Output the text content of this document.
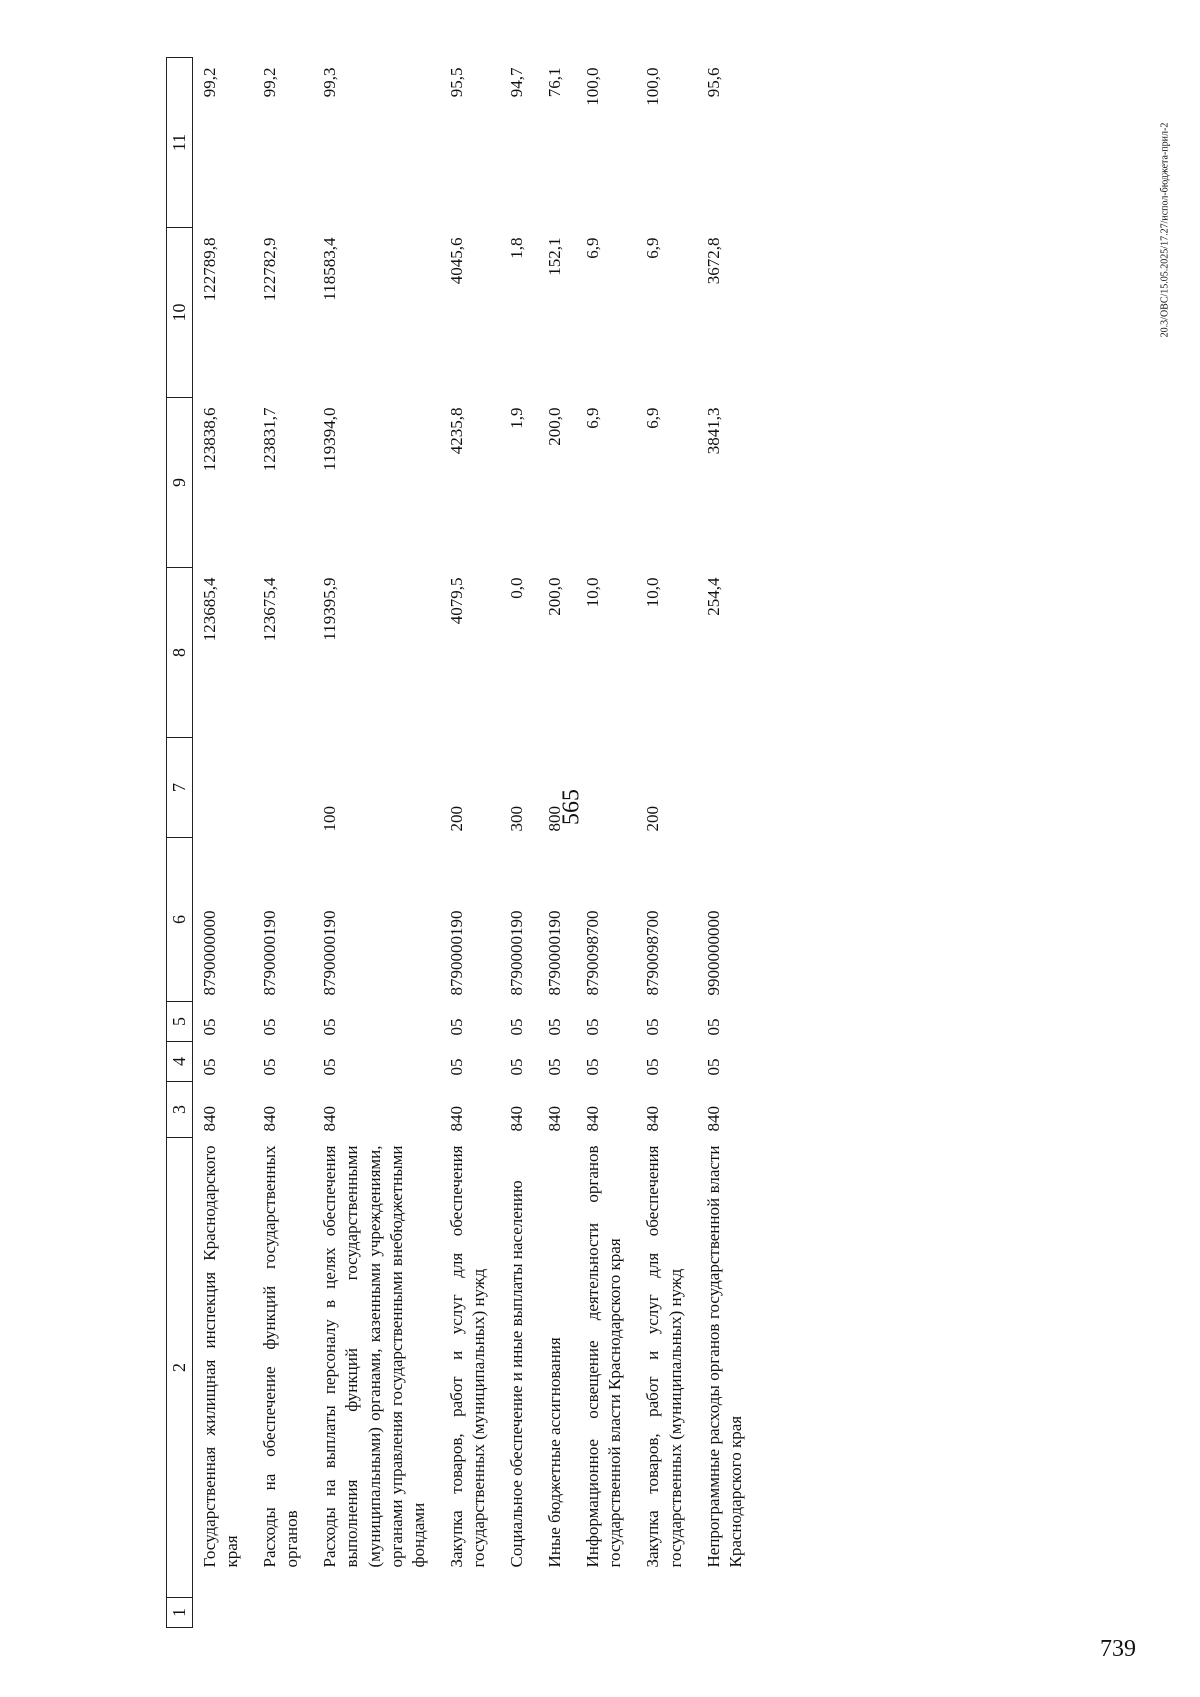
565
20.3/ОВС/15.05.2025/17.27/испол-бюджета-прил-2
739
1	2	3	4	5	6	7	8	9	10	11
	Государственная жилищная инспекция Краснодарского края	840	05	05	8790000000		123685,4	123838,6	122789,8	99,2
	Расходы на обеспечение функций государственных органов	840	05	05	8790000190		123675,4	123831,7	122782,9	99,2
	Расходы на выплаты персоналу в целях обеспечения выполнения функций государственными (муниципальными) органами, казенными учреждениями, органами управления государственными внебюджетными фондами	840	05	05	8790000190	100	119395,9	119394,0	118583,4	99,3
	Закупка товаров, работ и услуг для обеспечения государственных (муниципальных) нужд	840	05	05	8790000190	200	4079,5	4235,8	4045,6	95,5
	Социальное обеспечение и иные выплаты населению	840	05	05	8790000190	300	0,0	1,9	1,8	94,7
	Иные бюджетные ассигнования	840	05	05	8790000190	800	200,0	200,0	152,1	76,1
	Информационное освещение деятельности органов государственной власти Краснодарского края	840	05	05	8790098700		10,0	6,9	6,9	100,0
	Закупка товаров, работ и услуг для обеспечения государственных (муниципальных) нужд	840	05	05	8790098700	200	10,0	6,9	6,9	100,0
	Непрограммные расходы органов государственной власти Краснодарского края	840	05	05	9900000000		254,4	3841,3	3672,8	95,6
